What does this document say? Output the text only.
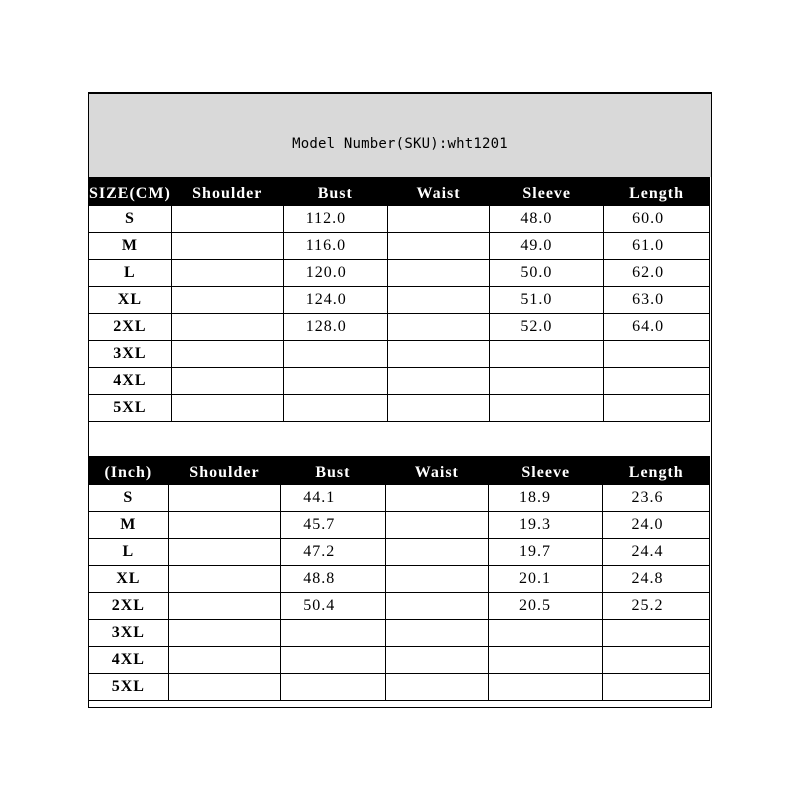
Model Number(SKU):wht1201
SIZE(CM)	Shoulder	Bust	Waist	Sleeve	Length
S		112.0		48.0	60.0
M		116.0		49.0	61.0
L		120.0		50.0	62.0
XL		124.0		51.0	63.0
2XL		128.0		52.0	64.0
3XL					
4XL					
5XL					
(Inch)	Shoulder	Bust	Waist	Sleeve	Length
S		44.1		18.9	23.6
M		45.7		19.3	24.0
L		47.2		19.7	24.4
XL		48.8		20.1	24.8
2XL		50.4		20.5	25.2
3XL					
4XL					
5XL					
